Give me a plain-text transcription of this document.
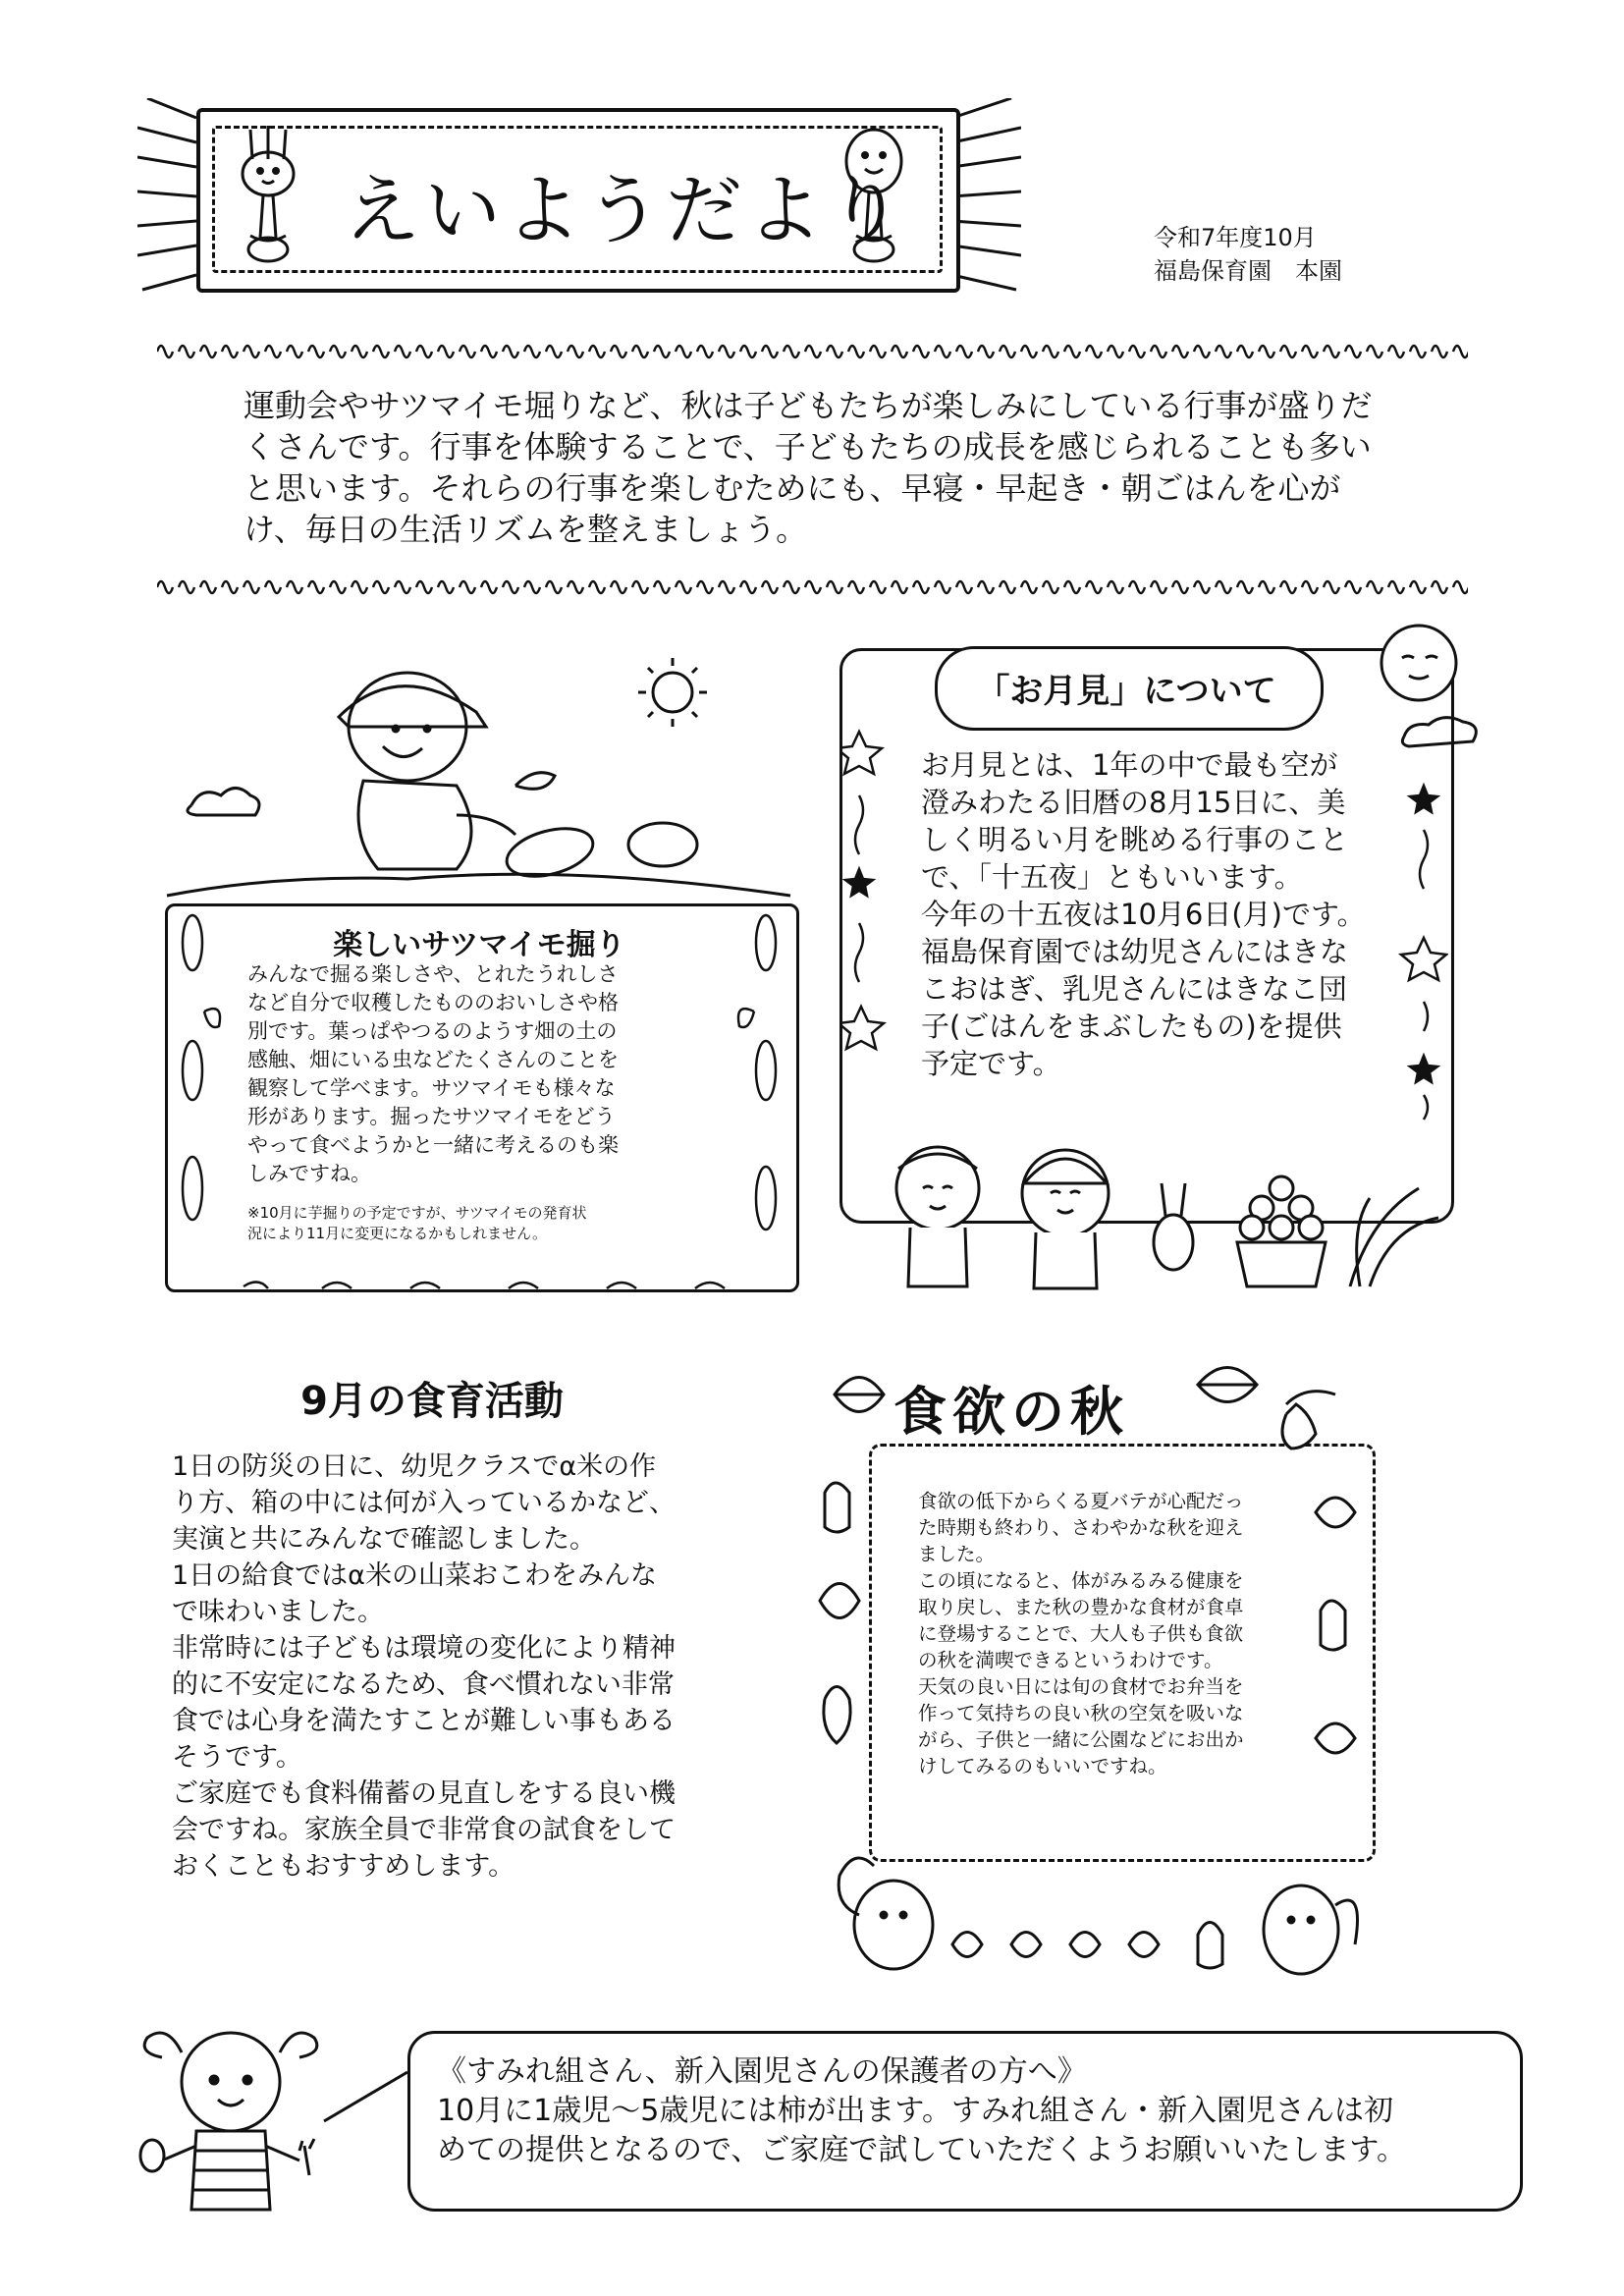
えいようだより	令和7年度10月
福島保育園　本園
運動会やサツマイモ堀りなど、秋は子どもたちが楽しみにしている行事が盛りだ
くさんです。行事を体験することで、子どもたちの成長を感じられることも多い
と思います。それらの行事を楽しむためにも、早寝・早起き・朝ごはんを心が
け、毎日の生活リズムを整えましょう。
楽しいサツマイモ掘り
みんなで掘る楽しさや、とれたうれしさ
など自分で収穫したもののおいしさや格
別です。葉っぱやつるのようす畑の土の
感触、畑にいる虫などたくさんのことを
観察して学べます。サツマイモも様々な
形があります。掘ったサツマイモをどう
やって食べようかと一緒に考えるのも楽
しみですね。
※10月に芋掘りの予定ですが、サツマイモの発育状
況により11月に変更になるかもしれません。
「お月見」について
お月見とは、1年の中で最も空が
澄みわたる旧暦の8月15日に、美
しく明るい月を眺める行事のこと
で、「十五夜」ともいいます。
今年の十五夜は10月6日(月)です。
福島保育園では幼児さんにはきな
こおはぎ、乳児さんにはきなこ団
子(ごはんをまぶしたもの)を提供
予定です。
9月の食育活動
1日の防災の日に、幼児クラスでα米の作
り方、箱の中には何が入っているかなど、
実演と共にみんなで確認しました。
1日の給食ではα米の山菜おこわをみんな
で味わいました。
非常時には子どもは環境の変化により精神
的に不安定になるため、食べ慣れない非常
食では心身を満たすことが難しい事もある
そうです。
ご家庭でも食料備蓄の見直しをする良い機
会ですね。家族全員で非常食の試食をして
おくこともおすすめします。
食欲の秋
食欲の低下からくる夏バテが心配だっ
た時期も終わり、さわやかな秋を迎え
ました。
この頃になると、体がみるみる健康を
取り戻し、また秋の豊かな食材が食卓
に登場することで、大人も子供も食欲
の秋を満喫できるというわけです。
天気の良い日には旬の食材でお弁当を
作って気持ちの良い秋の空気を吸いな
がら、子供と一緒に公園などにお出か
けしてみるのもいいですね。
《すみれ組さん、新入園児さんの保護者の方へ》
10月に1歳児～5歳児には柿が出ます。すみれ組さん・新入園児さんは初
めての提供となるので、ご家庭で試していただくようお願いいたします。
